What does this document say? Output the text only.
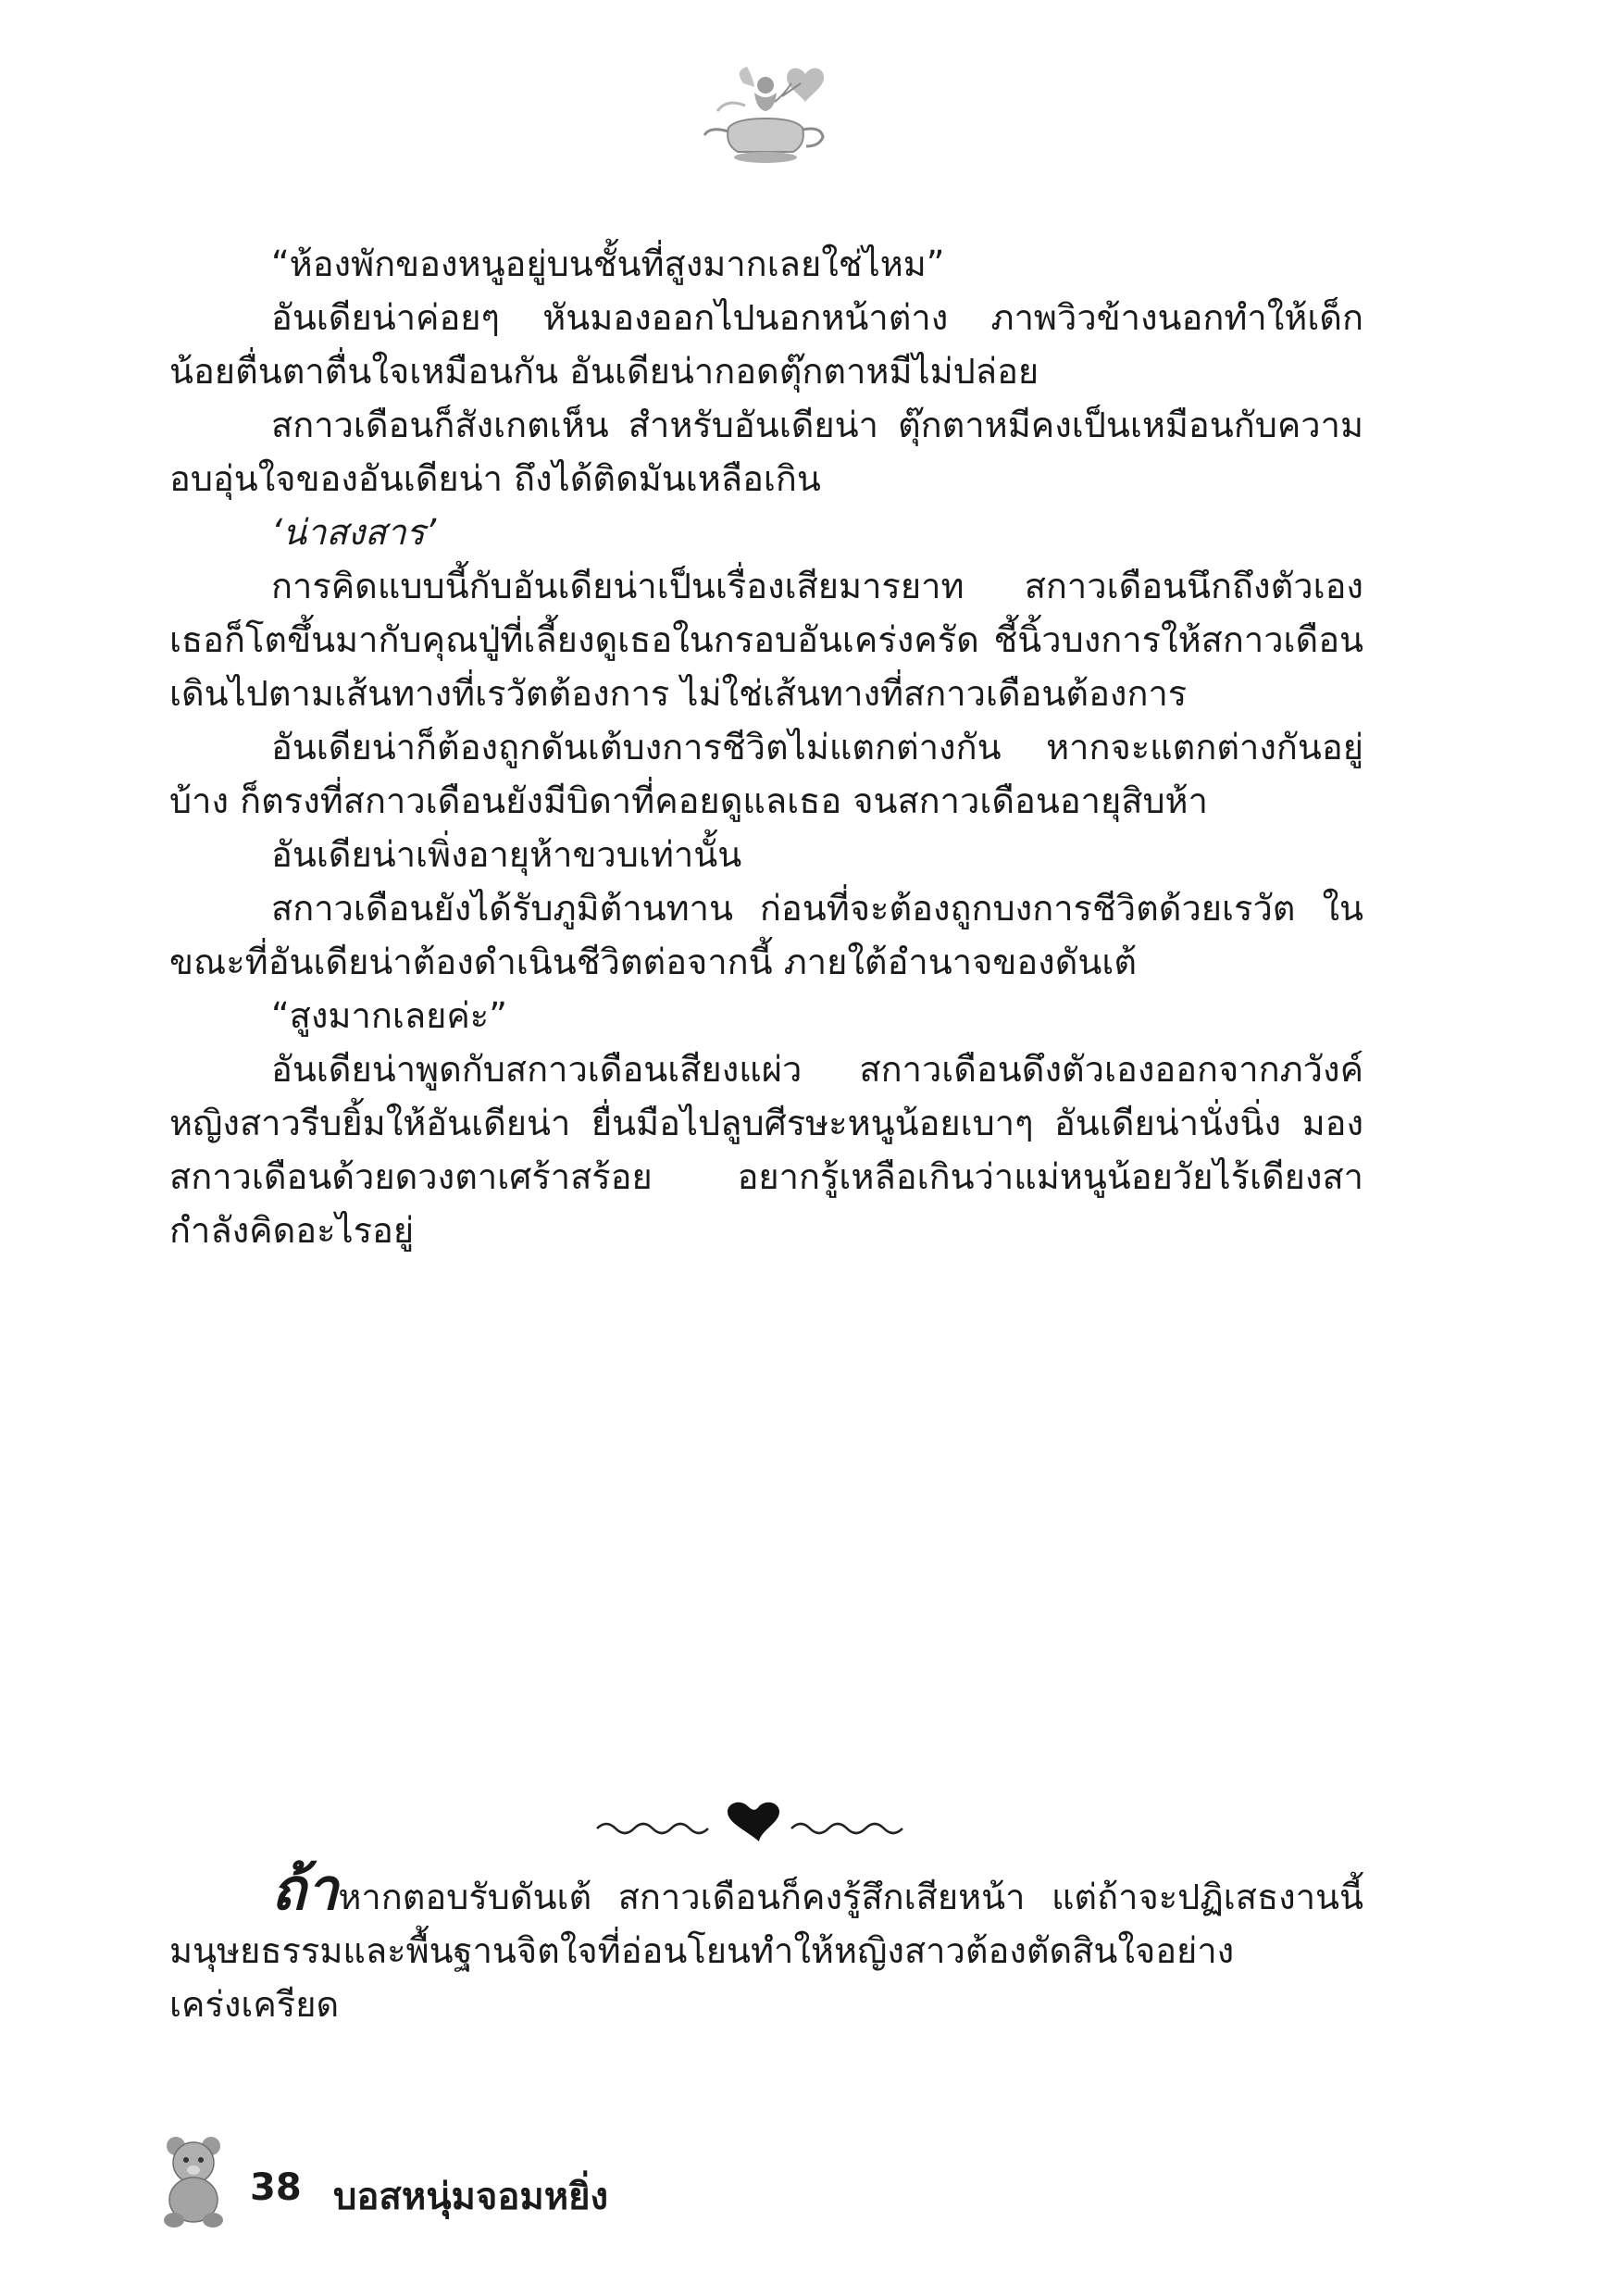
“ห้องพักของหนูอยู่บนชั้นที่สูงมากเลยใช่ไหม”

อันเดียน่าค่อยๆ หันมองออกไปนอกหน้าต่าง ภาพวิวข้างนอกทำให้เด็กน้อยตื่นตาตื่นใจเหมือนกัน อันเดียน่ากอดตุ๊กตาหมีไม่ปล่อย

สกาวเดือนก็สังเกตเห็น สำหรับอันเดียน่า ตุ๊กตาหมีคงเป็นเหมือนกับความอบอุ่นใจของอันเดียน่า ถึงได้ติดมันเหลือเกิน

‘น่าสงสาร’

การคิดแบบนี้กับอันเดียน่าเป็นเรื่องเสียมารยาท สกาวเดือนนึกถึงตัวเอง เธอก็โตขึ้นมากับคุณปู่ที่เลี้ยงดูเธอในกรอบอันเคร่งครัด ชี้นิ้วบงการให้สกาวเดือนเดินไปตามเส้นทางที่เรวัตต้องการ ไม่ใช่เส้นทางที่สกาวเดือนต้องการ

อันเดียน่าก็ต้องถูกดันเต้บงการชีวิตไม่แตกต่างกัน หากจะแตกต่างกันอยู่บ้าง ก็ตรงที่สกาวเดือนยังมีบิดาที่คอยดูแลเธอ จนสกาวเดือนอายุสิบห้า

อันเดียน่าเพิ่งอายุห้าขวบเท่านั้น

สกาวเดือนยังได้รับภูมิต้านทาน ก่อนที่จะต้องถูกบงการชีวิตด้วยเรวัต ในขณะที่อันเดียน่าต้องดำเนินชีวิตต่อจากนี้ ภายใต้อำนาจของดันเต้

“สูงมากเลยค่ะ”

อันเดียน่าพูดกับสกาวเดือนเสียงแผ่ว สกาวเดือนดึงตัวเองออกจากภวังค์ หญิงสาวรีบยิ้มให้อันเดียน่า ยื่นมือไปลูบศีรษะหนูน้อยเบาๆ อันเดียน่านั่งนิ่ง มองสกาวเดือนด้วยดวงตาเศร้าสร้อย อยากรู้เหลือเกินว่าแม่หนูน้อยวัยไร้เดียงสากำลังคิดอะไรอยู่

ถ้าหากตอบรับดันเต้ สกาวเดือนก็คงรู้สึกเสียหน้า แต่ถ้าจะปฏิเสธงานนี้ มนุษยธรรมและพื้นฐานจิตใจที่อ่อนโยนทำให้หญิงสาวต้องตัดสินใจอย่างเคร่งเครียด

38 บอสหนุ่มจอมหยิ่ง
